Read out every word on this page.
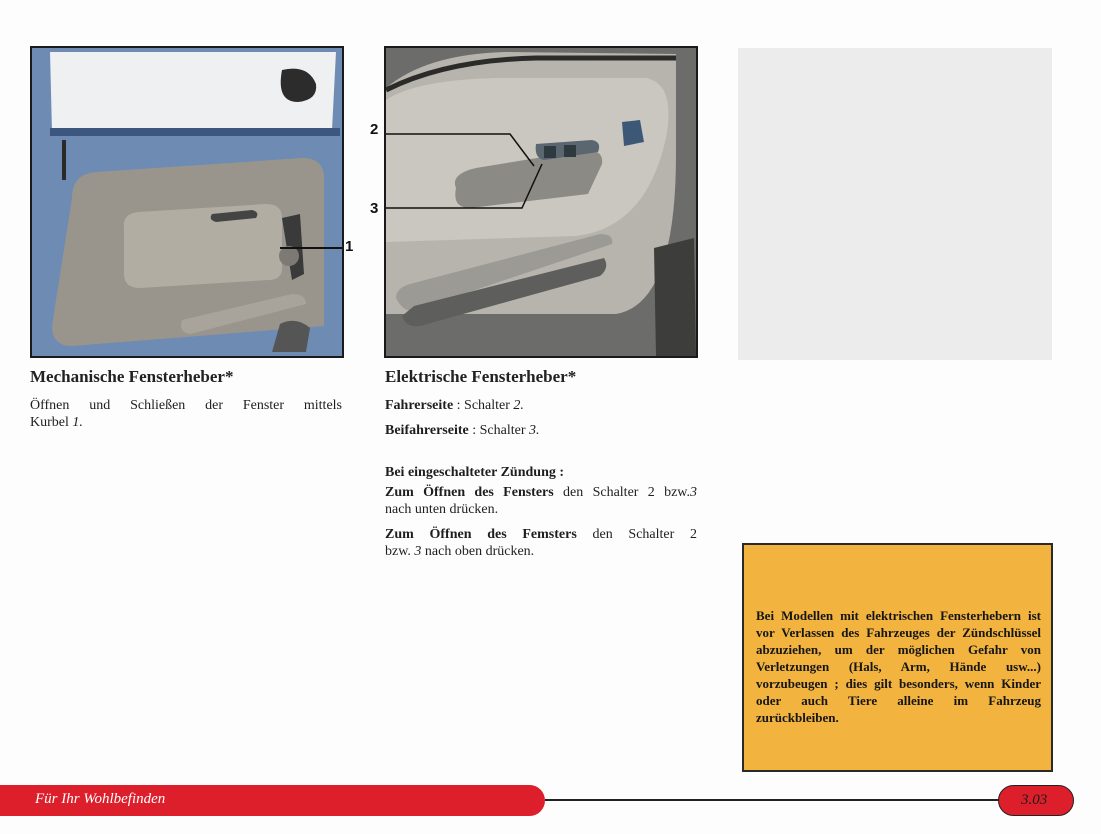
1
2
3
Mechanische Fensterheber*

Öffnen und Schließen der Fenster mittels

Kurbel 1.

Elektrische Fensterheber*

Fahrerseite : Schalter 2.

Beifahrerseite : Schalter 3.

Bei eingeschalteter Zündung :

Zum Öffnen des Fensters den Schalter 2 bzw.3

nach unten drücken.

Zum Öffnen des Femsters den Schalter 2

bzw. 3 nach oben drücken.

Bei Modellen mit elektrischen Fensterhebern ist vor Verlassen des Fahrzeuges der Zündschlüssel abzuziehen, um der möglichen Gefahr von Verletzungen (Hals, Arm, Hände usw...) vorzubeugen ; dies gilt besonders, wenn Kinder oder auch Tiere alleine im Fahrzeug zurückbleiben.
Für Ihr Wohlbefinden	3.03
